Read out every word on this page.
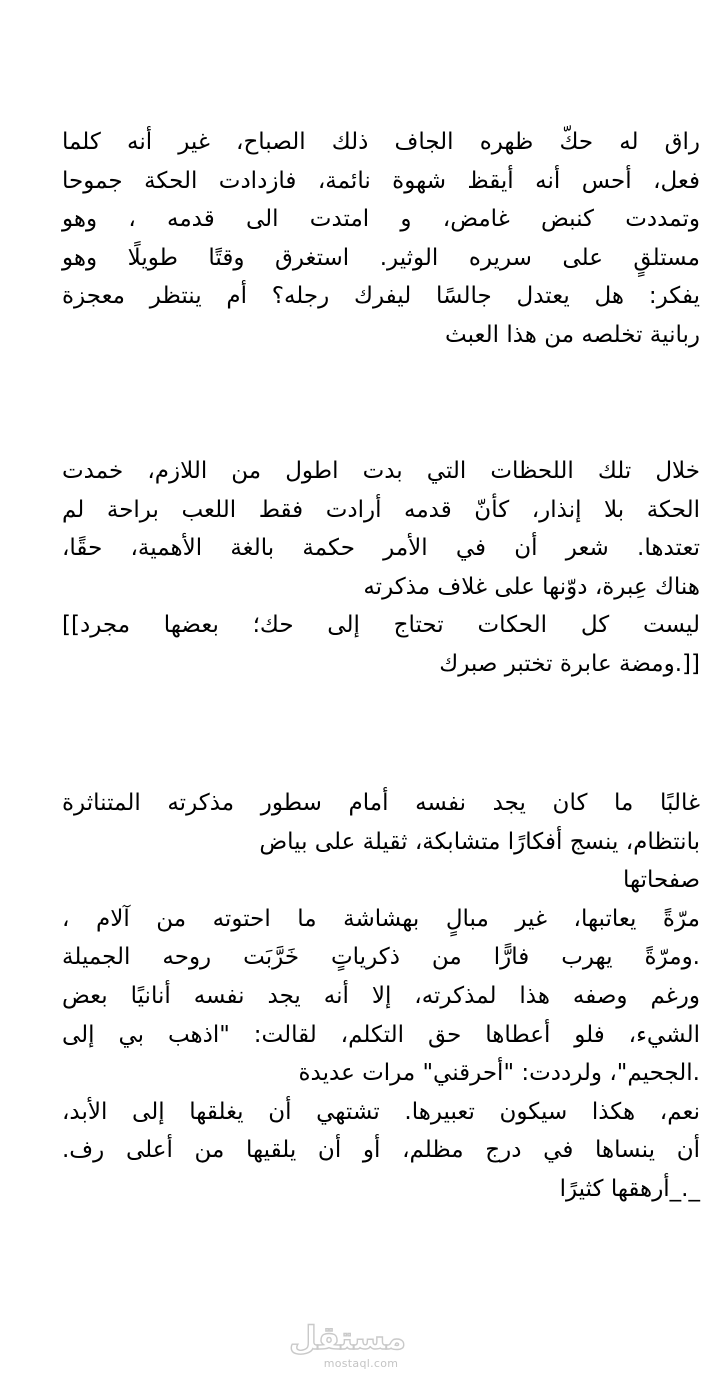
راق له حكّ ظهره الجاف ذلك الصباح، غير أنه كلما
فعل، أحس أنه أيقظ شهوة نائمة، فازدادت الحكة جموحا
وتمددت كنبض غامض، و امتدت الى قدمه ، وهو
مستلقٍ على سريره الوثير. استغرق وقتًا طويلًا وهو
يفكر: هل يعتدل جالسًا ليفرك رجله؟ أم ينتظر معجزة
ربانية تخلصه من هذا العبث
خلال تلك اللحظات التي بدت اطول من اللازم، خمدت
الحكة بلا إنذار، كأنّ قدمه أرادت فقط اللعب براحة لم
تعتدها. شعر أن في الأمر حكمة بالغة الأهمية، حقًا،
هناك عِبرة، دوّنها على غلاف مذكرته
ليست كل الحكات تحتاج إلى حك؛ بعضها مجرد]]
[[.ومضة عابرة تختبر صبرك
غالبًا ما كان يجد نفسه أمام سطور مذكرته المتناثرة
بانتظام، ينسج أفكارًا متشابكة، ثقيلة على بياض
صفحاتها
مرّةً يعاتبها، غير مبالٍ بهشاشة ما احتوته من آلام ،
.ومرّةً يهرب فارًّا من ذكرياتٍ خَرَّبَت روحه الجميلة
ورغم وصفه هذا لمذكرته، إلا أنه يجد نفسه أنانيًا بعض
الشيء، فلو أعطاها حق التكلم، لقالت: "اذهب بي إلى
.الجحيم"، ولرددت: "أحرقني" مرات عديدة
نعم، هكذا سيكون تعبيرها. تشتهي أن يغلقها إلى الأبد،
أن ينساها في درج مظلم، أو أن يلقيها من أعلى رف.
_._أرهقها كثيرًا
مستقل
mostaql.com
